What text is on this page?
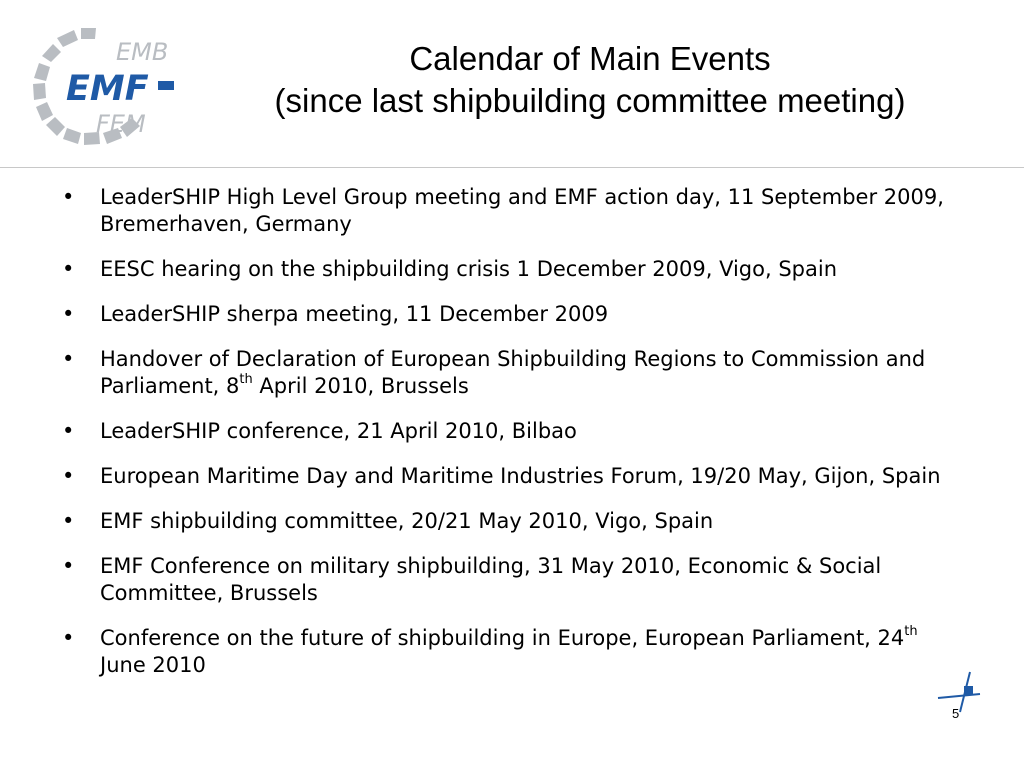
EMB
EMF
FEM
Calendar of Main Events
(since last shipbuilding committee meeting)
• LeaderSHIP High Level Group meeting and EMF action day, 11 September 2009, Bremerhaven, Germany
• EESC hearing on the shipbuilding crisis 1 December 2009, Vigo, Spain
• LeaderSHIP sherpa meeting, 11 December 2009
• Handover of Declaration of European Shipbuilding Regions to Commission and Parliament, 8th April 2010, Brussels
• LeaderSHIP conference, 21 April 2010, Bilbao
• European Maritime Day and Maritime Industries Forum, 19/20 May, Gijon, Spain
• EMF shipbuilding committee, 20/21 May 2010, Vigo, Spain
• EMF Conference on military shipbuilding, 31 May 2010, Economic & Social Committee, Brussels
• Conference on the future of shipbuilding in Europe, European Parliament, 24th June 2010
5
